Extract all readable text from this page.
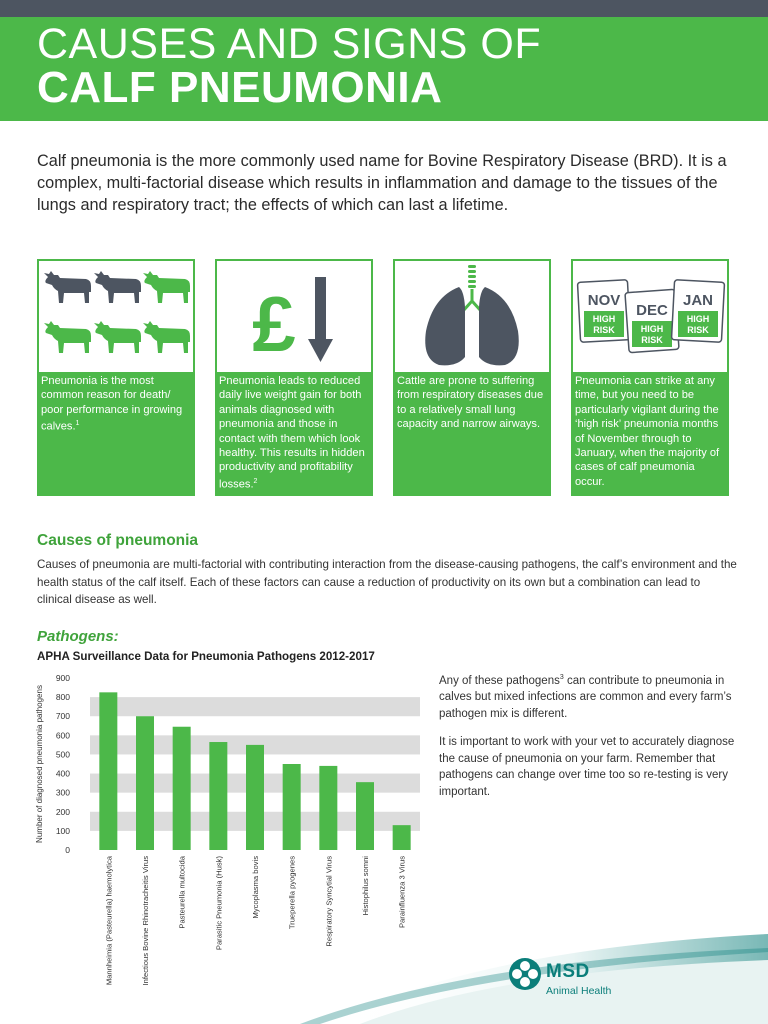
CAUSES AND SIGNS OF
CALF PNEUMONIA

Calf pneumonia is the more commonly used name for Bovine Respiratory Disease (BRD). It is a complex, multi-factorial disease which results in inflammation and damage to the tissues of the lungs and respiratory tract; the effects of which can last a lifetime.

Pneumonia is the most common reason for death/ poor performance in growing calves.$^1$

£

Pneumonia leads to reduced daily live weight gain for both animals diagnosed with pneumonia and those in contact with them which look healthy. This results in hidden productivity and profitability losses.$^2$

Cattle are prone to suffering from respiratory diseases due to a relatively small lung capacity and narrow airways.

NOV
HIGH
RISK
DEC
HIGH
RISK
JAN
HIGH
RISK

Pneumonia can strike at any time, but you need to be particularly vigilant during the ‘high risk’ pneumonia months of November through to January, when the majority of cases of calf pneumonia occur.

Causes of pneumonia

Causes of pneumonia are multi-factorial with contributing interaction from the disease-causing pathogens, the calf’s environment and the health status of the calf itself. Each of these factors can cause a reduction of productivity on its own but a combination can lead to clinical disease as well.

Pathogens:

APHA Surveillance Data for Pneumonia Pathogens 2012-2017

0
100
200
300
400
500
600
700
800
900
Number of diagnosed pneumonia pathogens
Mannheimia (Pasteurella) haemolytica	Infectious Bovine Rhinotracheitis Virus	Pasteurella multocida	Parasitic Pneumonia (Husk)	Mycoplasma bovis	Trueperella pyogenes	Respiratory Syncytial Virus	Histophilus somni	Parainfluenza 3 Virus

Any of these pathogens$^3$ can contribute to pneumonia in calves but mixed infections are common and every farm’s pathogen mix is different.

It is important to work with your vet to accurately diagnose the cause of pneumonia on your farm. Remember that pathogens can change over time too so re-testing is very important.

MSD
Animal Health
